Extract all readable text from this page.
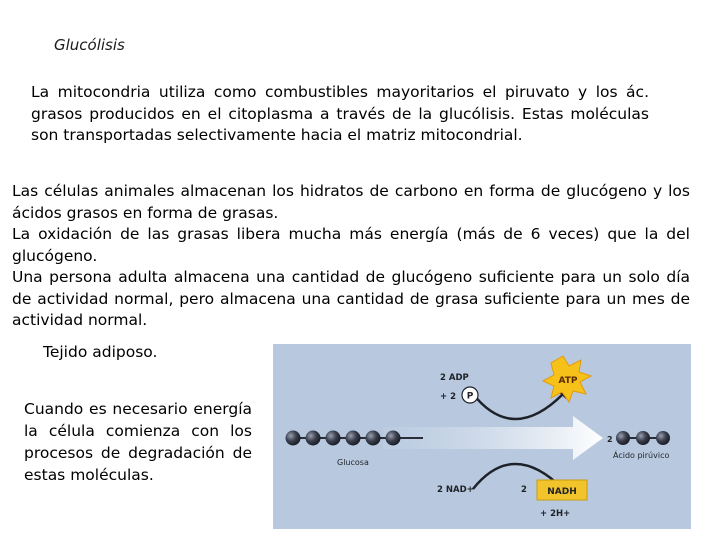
Glucólisis
La mitocondria utiliza como combustibles mayoritarios el piruvato y los ác. grasos producidos en el citoplasma a través de la glucólisis. Estas moléculas son transportadas selectivamente hacia el matriz mitocondrial.

Las células animales almacenan los hidratos de carbono en forma de glucógeno y los ácidos grasos en forma de grasas.

La oxidación de las grasas libera mucha más energía (más de 6 veces) que la del glucógeno.

Una persona adulta almacena una cantidad de glucógeno suficiente para un solo día de actividad normal, pero almacena una cantidad de grasa suficiente para un mes de actividad normal.

Tejido adiposo.
Cuando es necesario energía la célula comienza con los procesos de degradación de estas moléculas.
2 ADP
+ 2 P
ATP
Glucosa
2
Ácido pirúvico
2 NAD+	2 NADH
+ 2H+
